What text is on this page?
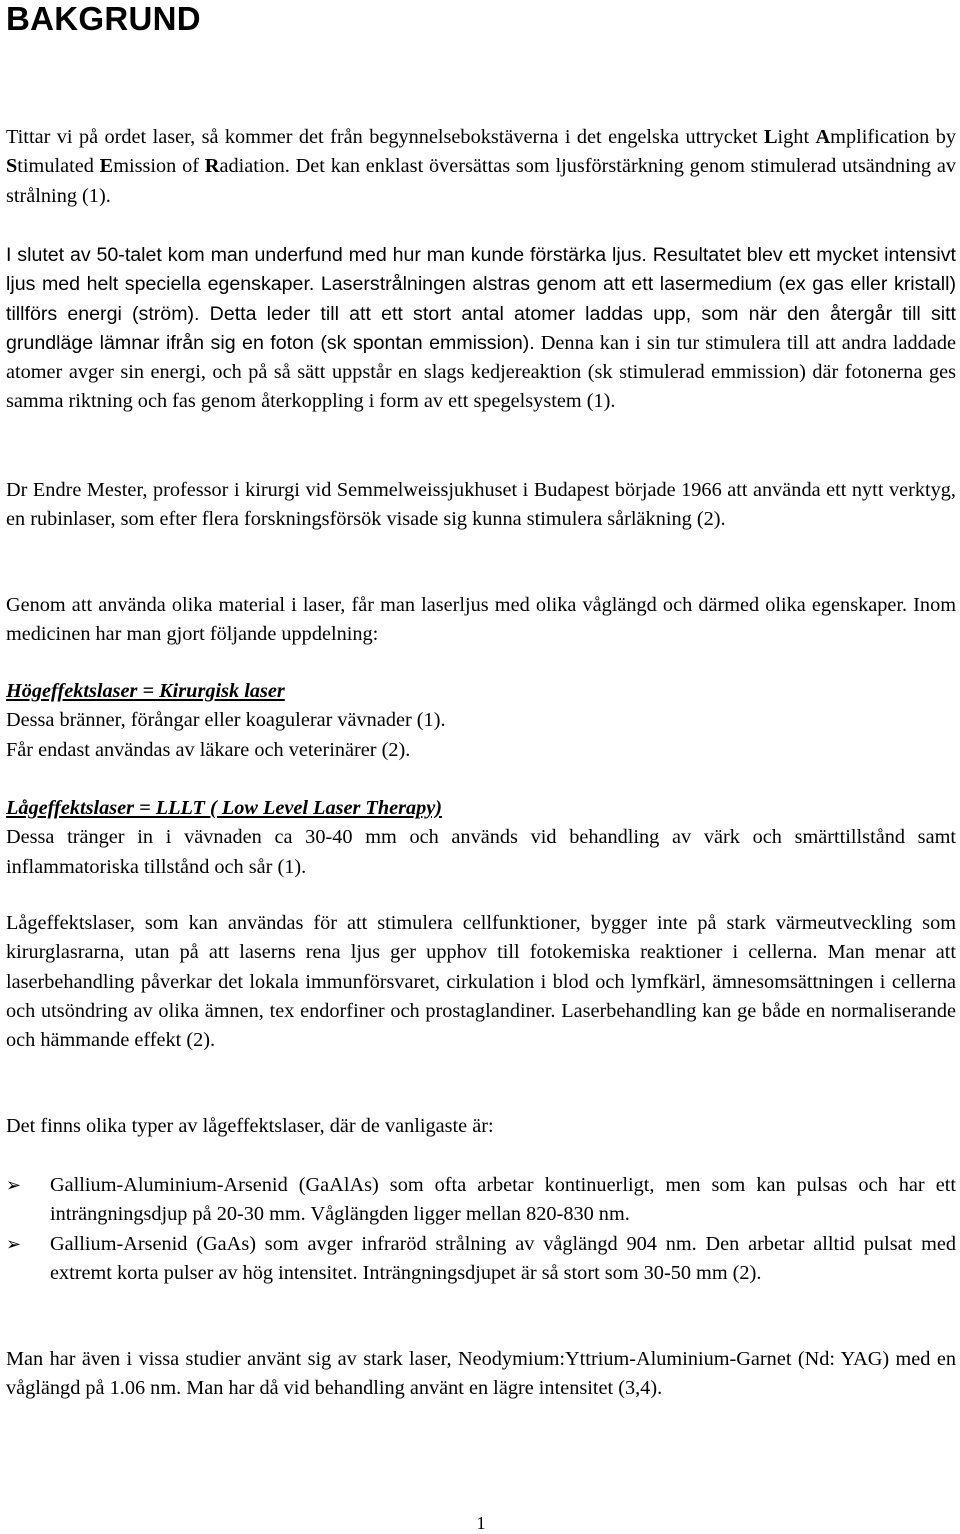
BAKGRUND

Tittar vi på ordet laser, så kommer det från begynnelsebokstäverna i det engelska uttrycket Light Amplification by Stimulated Emission of Radiation. Det kan enklast översättas som ljusförstärkning genom stimulerad utsändning av strålning (1).

I slutet av 50-talet kom man underfund med hur man kunde förstärka ljus. Resultatet blev ett mycket intensivt ljus med helt speciella egenskaper. Laserstrålningen alstras genom att ett lasermedium (ex gas eller kristall) tillförs energi (ström). Detta leder till att ett stort antal atomer laddas upp, som när den återgår till sitt grundläge lämnar ifrån sig en foton (sk spontan emmission). Denna kan i sin tur stimulera till att andra laddade atomer avger sin energi, och på så sätt uppstår en slags kedjereaktion (sk stimulerad emmission) där fotonerna ges samma riktning och fas genom återkoppling i form av ett spegelsystem (1).

Dr Endre Mester, professor i kirurgi vid Semmelweissjukhuset i Budapest började 1966 att använda ett nytt verktyg, en rubinlaser, som efter flera forskningsförsök visade sig kunna stimulera sårläkning (2).

Genom att använda olika material i laser, får man laserljus med olika våglängd och därmed olika egenskaper. Inom medicinen har man gjort följande uppdelning:

Högeffektslaser = Kirurgisk laser
Dessa bränner, förångar eller koagulerar vävnader (1).
Får endast användas av läkare och veterinärer (2).
Lågeffektslaser = LLLT ( Low Level Laser Therapy)
Dessa tränger in i vävnaden ca 30-40 mm och används vid behandling av värk och smärttillstånd samt inflammatoriska tillstånd och sår (1).

Lågeffektslaser, som kan användas för att stimulera cellfunktioner, bygger inte på stark värmeutveckling som kirurglasrarna, utan på att laserns rena ljus ger upphov till fotokemiska reaktioner i cellerna. Man menar att laserbehandling påverkar det lokala immunförsvaret, cirkulation i blod och lymfkärl, ämnesomsättningen i cellerna och utsöndring av olika ämnen, tex endorfiner och prostaglandiner. Laserbehandling kan ge både en normaliserande och hämmande effekt (2).

Det finns olika typer av lågeffektslaser, där de vanligaste är:

➢	Gallium-Aluminium-Arsenid (GaAlAs) som ofta arbetar kontinuerligt, men som kan pulsas och har ett inträngningsdjup på 20-30 mm. Våglängden ligger mellan 820-830 nm.
➢	Gallium-Arsenid (GaAs) som avger infraröd strålning av våglängd 904 nm. Den arbetar alltid pulsat med extremt korta pulser av hög intensitet. Inträngningsdjupet är så stort som 30-50 mm (2).

Man har även i vissa studier använt sig av stark laser, Neodymium:Yttrium-Aluminium-Garnet (Nd: YAG) med en våglängd på 1.06 nm. Man har då vid behandling använt en lägre intensitet (3,4).

1
